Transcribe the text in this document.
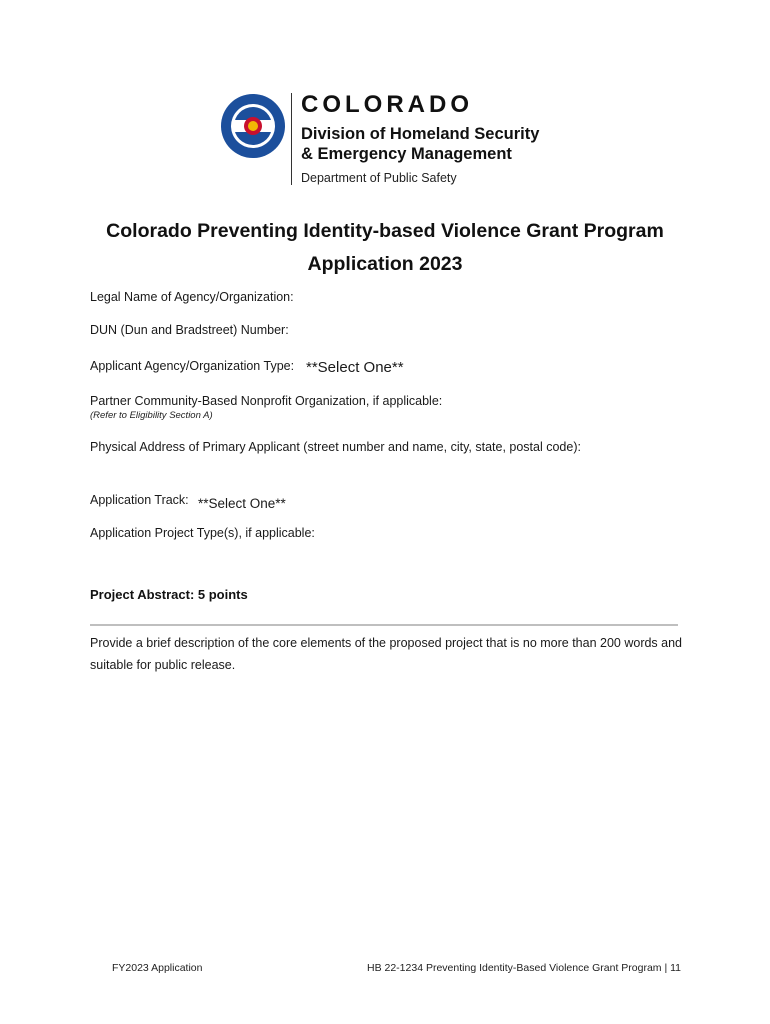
COLORADO
Division of Homeland Security
& Emergency Management
Department of Public Safety
Colorado Preventing Identity-based Violence Grant Program
Application 2023
Legal Name of Agency/Organization:
DUN (Dun and Bradstreet) Number:
Applicant Agency/Organization Type: **Select One**
Partner Community-Based Nonprofit Organization, if applicable:
(Refer to Eligibility Section A)
Physical Address of Primary Applicant (street number and name, city, state, postal code):
Application Track: **Select One**
Application Project Type(s), if applicable:
Project Abstract: 5 points
Provide a brief description of the core elements of the proposed project that is no more than 200 words and suitable for public release.
FY2023 Application	HB 22-1234 Preventing Identity-Based Violence Grant Program | 11
